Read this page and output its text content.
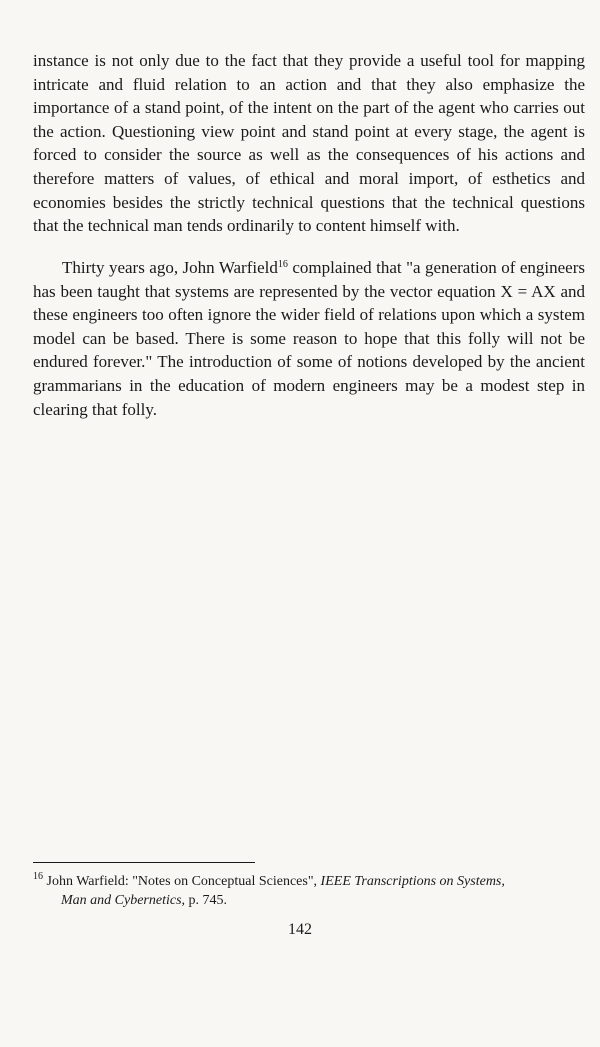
instance is not only due to the fact that they provide a useful tool for mapping intricate and fluid relation to an action and that they also emphasize the importance of a stand point, of the intent on the part of the agent who carries out the action. Questioning view point and stand point at every stage, the agent is forced to consider the source as well as the consequences of his actions and therefore matters of values, of ethical and moral import, of esthetics and economies besides the strictly technical questions that the technical questions that the technical man tends ordinarily to content himself with.

Thirty years ago, John Warfield$^{16}$ complained that "a generation of engineers has been taught that systems are represented by the vector equation X = AX and these engineers too often ignore the wider field of relations upon which a system model can be based. There is some reason to hope that this folly will not be endured forever." The introduction of some of notions developed by the ancient grammarians in the education of modern engineers may be a modest step in clearing that folly.

$^{16}$ John Warfield: "Notes on Conceptual Sciences", IEEE Transcriptions on Systems,
Man and Cybernetics, p. 745.

142
